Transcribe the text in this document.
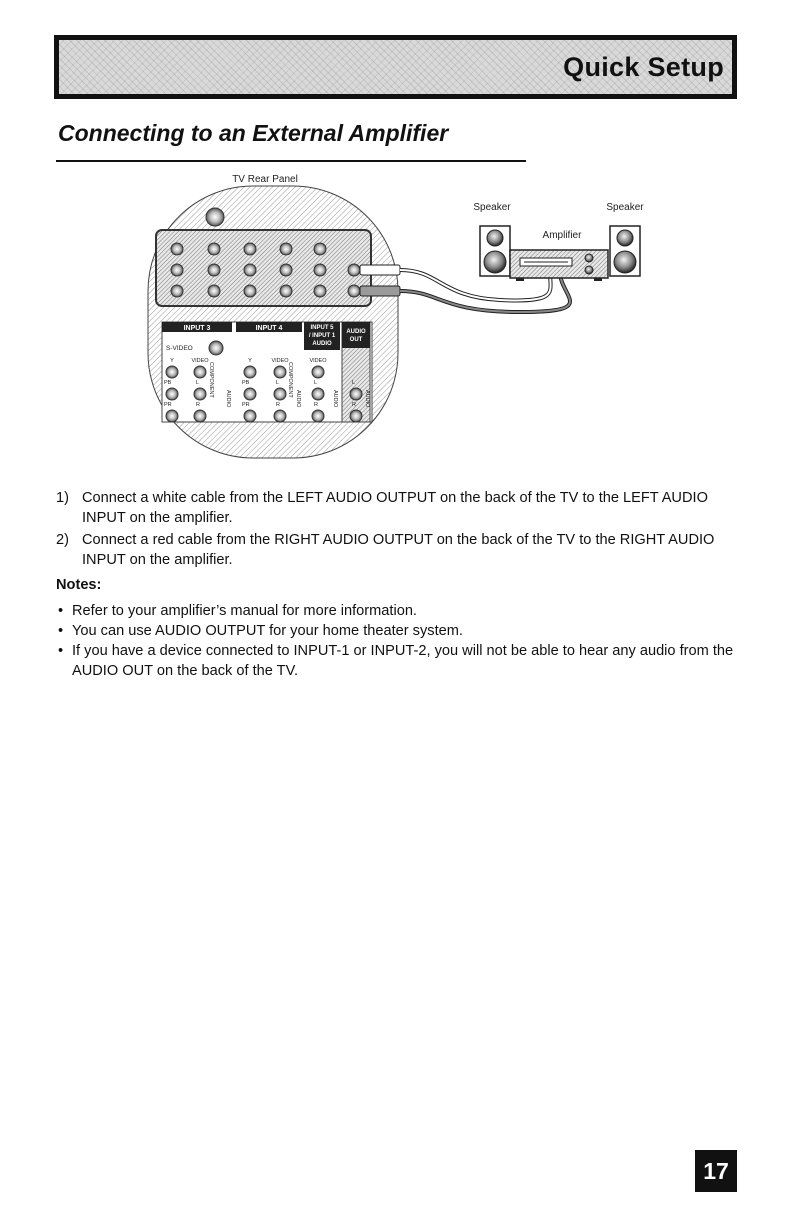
Quick Setup
Connecting to an External Amplifier
TV Rear Panel
INPUT 3	INPUT 4	INPUT 5
/ INPUT 1
AUDIO
AUDIO
OUT
S-VIDEO
Y	VIDEO	Y	VIDEO	VIDEO
PB
PR
PB
PR
L
R
L
R
L
R
L
R
COMPONENT	COMPONENT
AUDIO	AUDIO	AUDIO	AUDIO
Speaker	Speaker
Amplifier
1) Connect a white cable from the LEFT AUDIO OUTPUT on the back of the TV to the LEFT AUDIO INPUT on the amplifier.
2) Connect a red cable from the RIGHT AUDIO OUTPUT on the back of the TV to the RIGHT AUDIO INPUT on the amplifier.

Notes:

• Refer to your amplifier’s manual for more information.
• You can use AUDIO OUTPUT for your home theater system.
• If you have a device connected to INPUT-1 or INPUT-2, you will not be able to hear any audio from the AUDIO OUT on the back of the TV.
17
